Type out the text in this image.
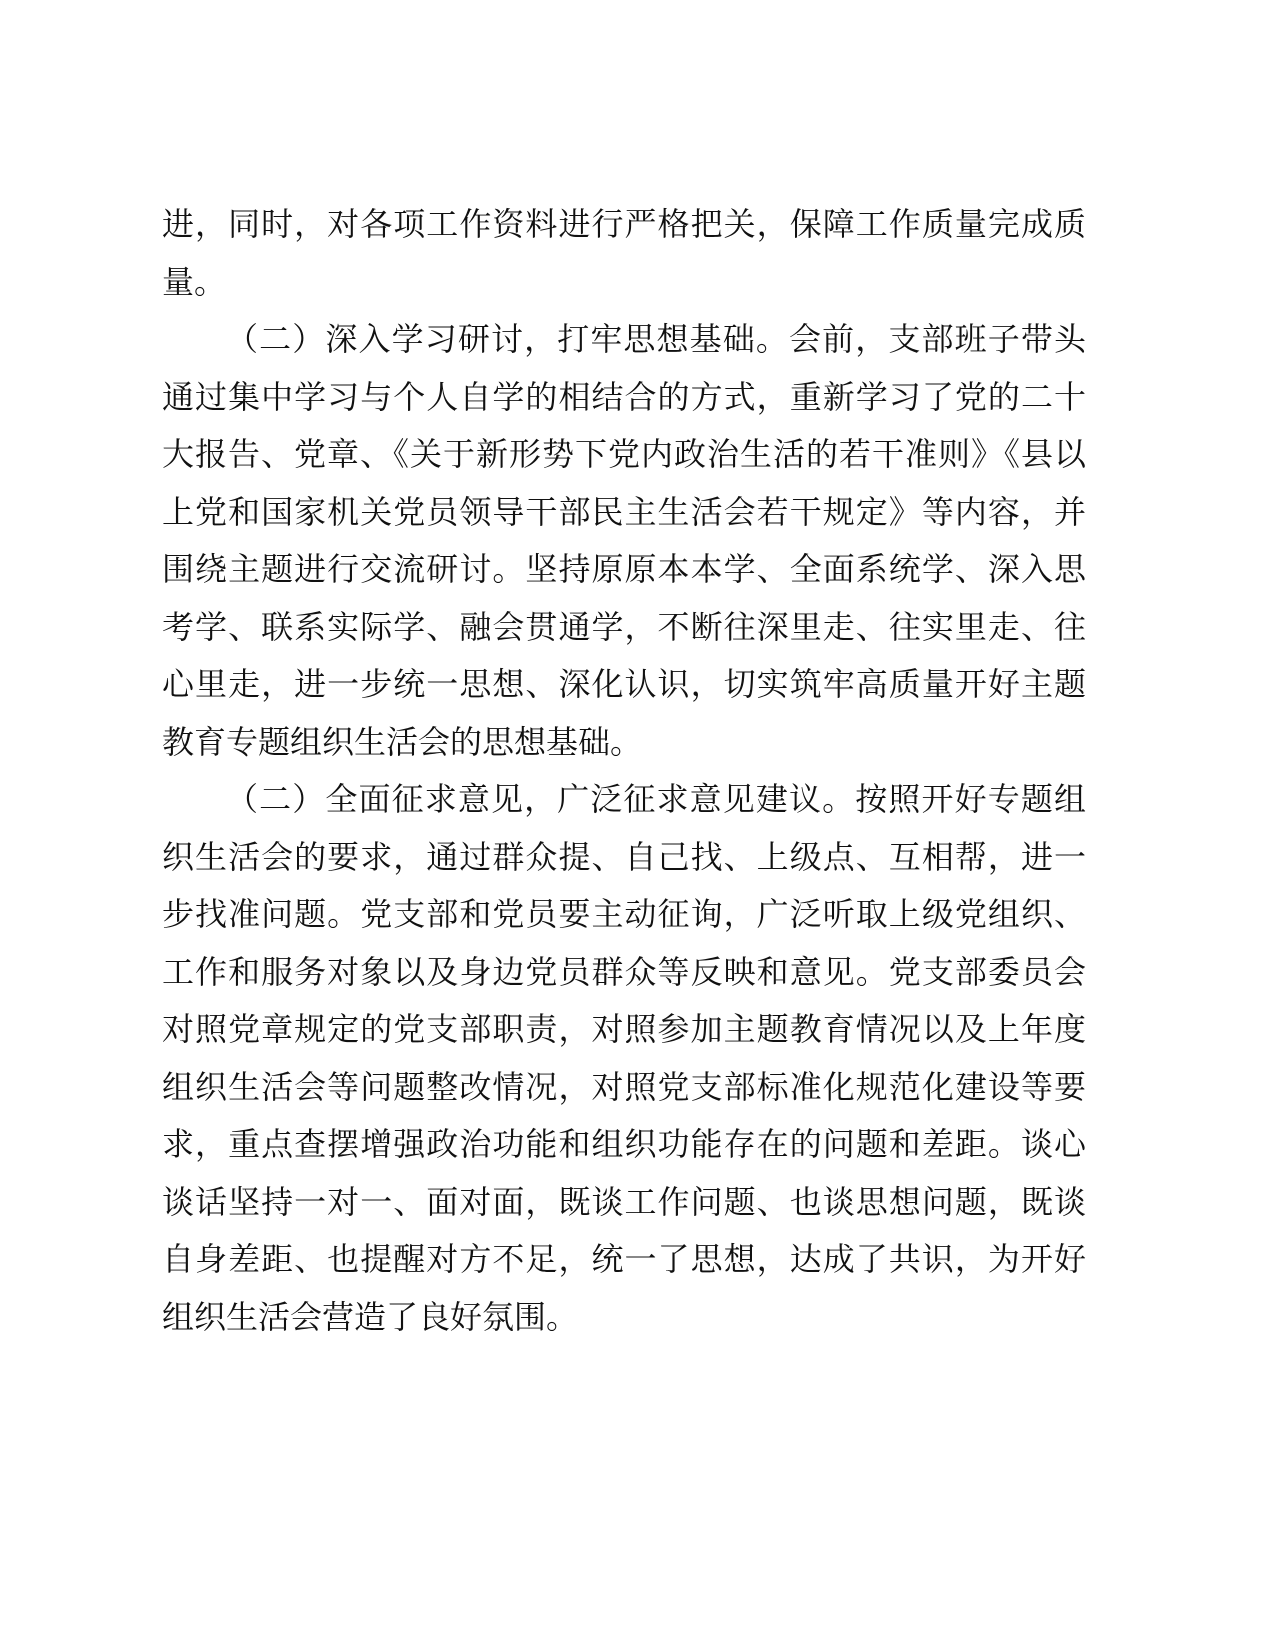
进，同时，对各项工作资料进行严格把关，保障工作质量完成质量。

（二）深入学习研讨，打牢思想基础。会前，支部班子带头通过集中学习与个人自学的相结合的方式，重新学习了党的二十大报告、党章、《关于新形势下党内政治生活的若干准则》《县以上党和国家机关党员领导干部民主生活会若干规定》等内容，并围绕主题进行交流研讨。坚持原原本本学、全面系统学、深入思考学、联系实际学、融会贯通学，不断往深里走、往实里走、往心里走，进一步统一思想、深化认识，切实筑牢高质量开好主题教育专题组织生活会的思想基础。

（二）全面征求意见，广泛征求意见建议。按照开好专题组织生活会的要求，通过群众提、自己找、上级点、互相帮，进一步找准问题。党支部和党员要主动征询，广泛听取上级党组织、工作和服务对象以及身边党员群众等反映和意见。党支部委员会对照党章规定的党支部职责，对照参加主题教育情况以及上年度组织生活会等问题整改情况，对照党支部标准化规范化建设等要求，重点查摆增强政治功能和组织功能存在的问题和差距。谈心谈话坚持一对一、面对面，既谈工作问题、也谈思想问题，既谈自身差距、也提醒对方不足，统一了思想，达成了共识，为开好组织生活会营造了良好氛围。
